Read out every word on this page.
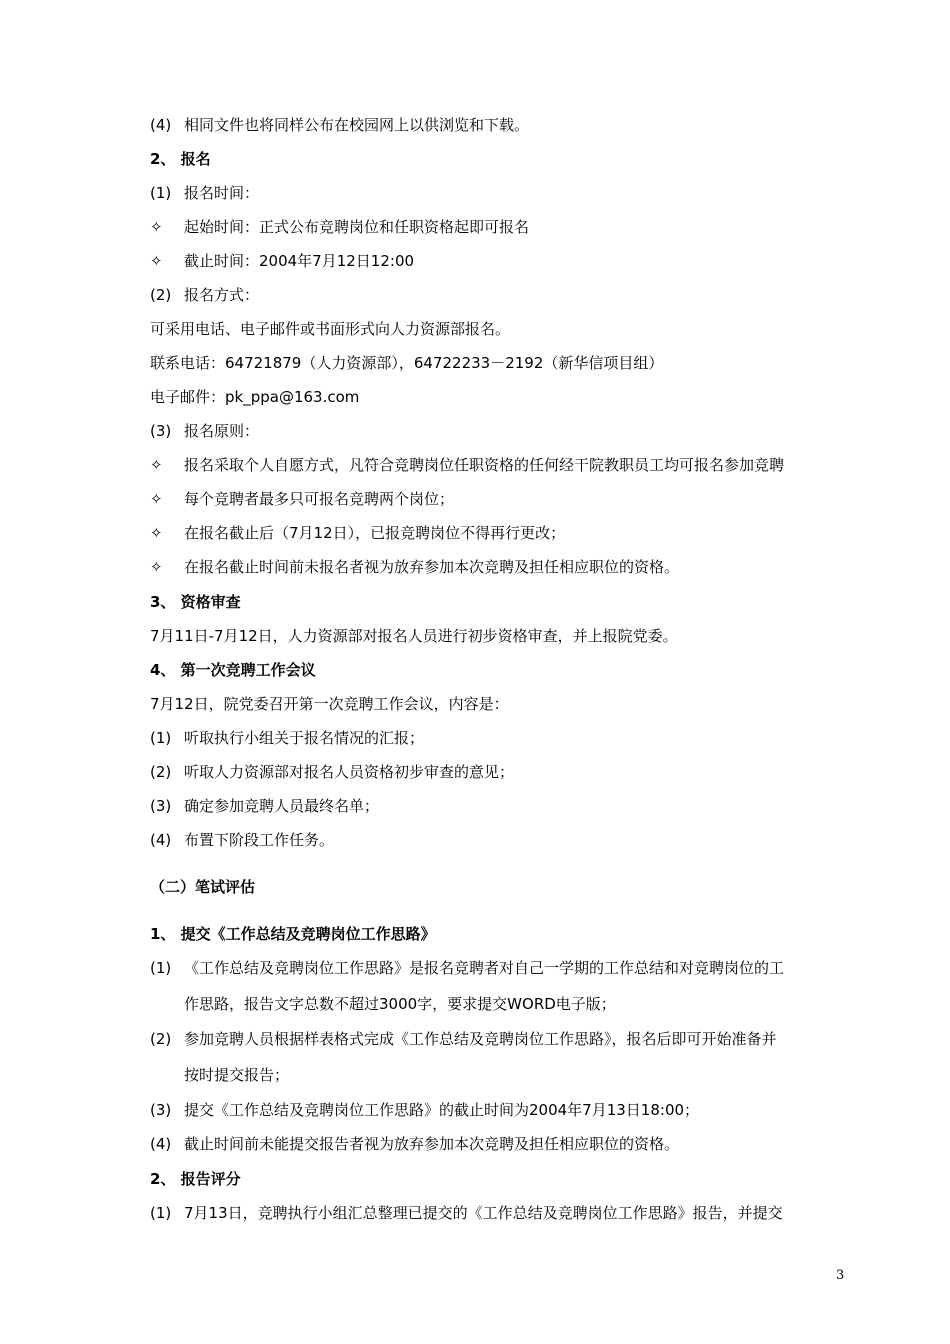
(4) 相同文件也将同样公布在校园网上以供浏览和下载。
2、 报名
(1) 报名时间：
✧ 起始时间：正式公布竞聘岗位和任职资格起即可报名
✧ 截止时间：2004年7月12日12:00
(2) 报名方式：
可采用电话、电子邮件或书面形式向人力资源部报名。
联系电话：64721879（人力资源部），64722233－2192（新华信项目组）
电子邮件：pk_ppa@163.com
(3) 报名原则：
✧ 报名采取个人自愿方式，凡符合竞聘岗位任职资格的任何经干院教职员工均可报名参加竞聘
✧ 每个竞聘者最多只可报名竞聘两个岗位；
✧ 在报名截止后（7月12日），已报竞聘岗位不得再行更改；
✧ 在报名截止时间前未报名者视为放弃参加本次竞聘及担任相应职位的资格。
3、 资格审查
7月11日-7月12日，人力资源部对报名人员进行初步资格审查，并上报院党委。
4、 第一次竞聘工作会议
7月12日，院党委召开第一次竞聘工作会议，内容是：
(1) 听取执行小组关于报名情况的汇报；
(2) 听取人力资源部对报名人员资格初步审查的意见；
(3) 确定参加竞聘人员最终名单；
(4) 布置下阶段工作任务。
（二）笔试评估
1、 提交《工作总结及竞聘岗位工作思路》
(1) 《工作总结及竞聘岗位工作思路》是报名竞聘者对自己一学期的工作总结和对竞聘岗位的工
作思路，报告文字总数不超过3000字，要求提交WORD电子版；
(2) 参加竞聘人员根据样表格式完成《工作总结及竞聘岗位工作思路》，报名后即可开始准备并
按时提交报告；
(3) 提交《工作总结及竞聘岗位工作思路》的截止时间为2004年7月13日18:00；
(4) 截止时间前未能提交报告者视为放弃参加本次竞聘及担任相应职位的资格。
2、 报告评分
(1) 7月13日，竞聘执行小组汇总整理已提交的《工作总结及竞聘岗位工作思路》报告，并提交
3
